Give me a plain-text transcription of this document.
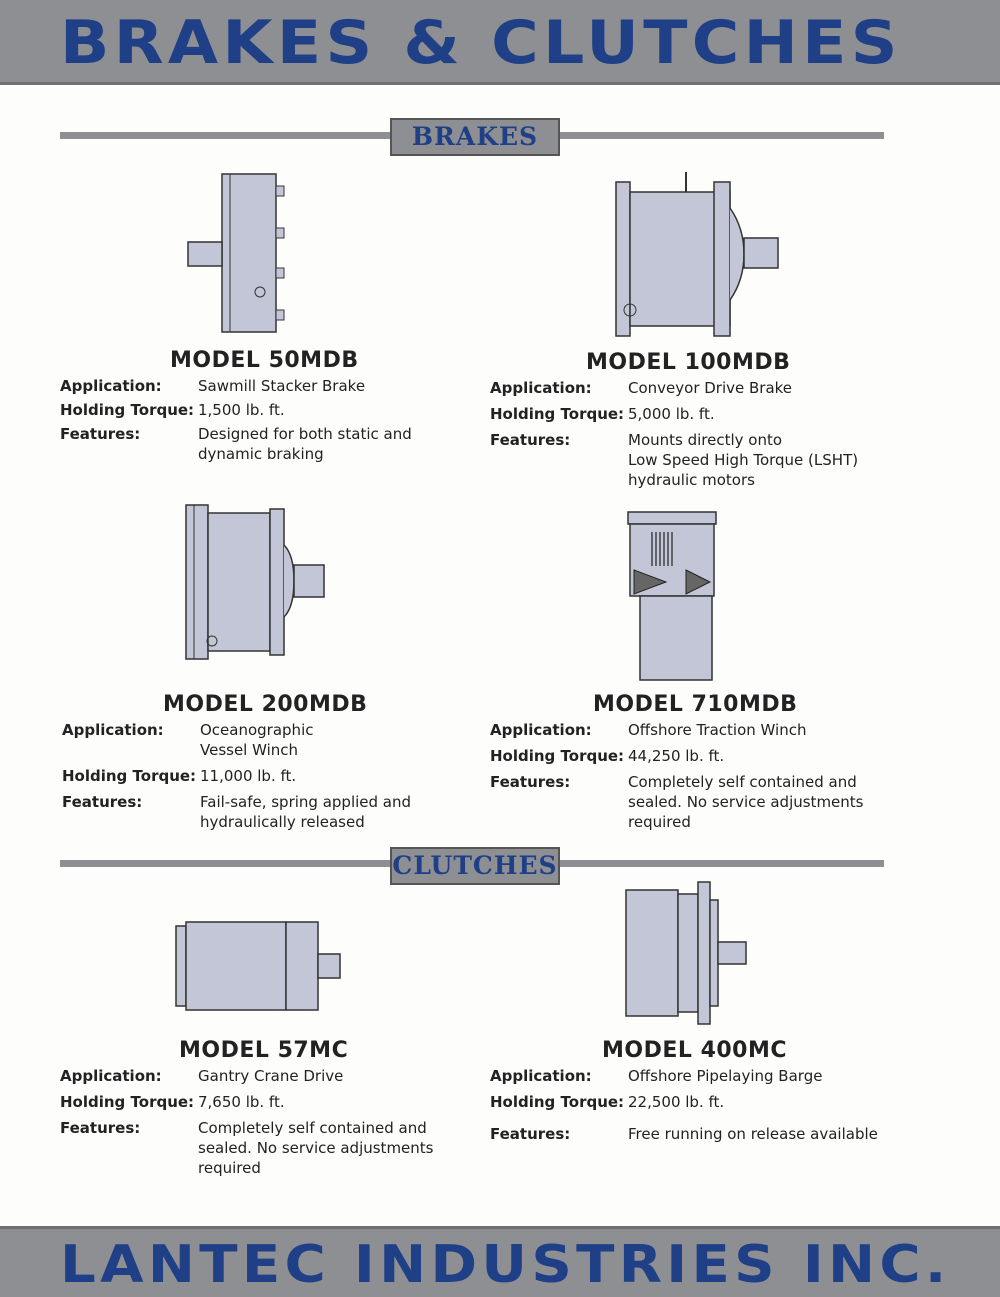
BRAKES & CLUTCHES
BRAKES
MODEL 50MDB
Application: Sawmill Stacker Brake
Holding Torque: 1,500 lb. ft.
Features:	Designed for both static and
dynamic braking
MODEL 100MDB
Application: Conveyor Drive Brake
Holding Torque: 5,000 lb. ft.
Features:	Mounts directly onto
Low Speed High Torque (LSHT)
hydraulic motors
MODEL 200MDB
Application: Oceanographic
Vessel Winch
Holding Torque: 11,000 lb. ft.
Features:	Fail-safe, spring applied and
hydraulically released
MODEL 710MDB
Application: Offshore Traction Winch
Holding Torque: 44,250 lb. ft.
Features:	Completely self contained and
sealed. No service adjustments
required
CLUTCHES
MODEL 57MC
Application: Gantry Crane Drive
Holding Torque: 7,650 lb. ft.
Features:	Completely self contained and
sealed. No service adjustments
required
MODEL 400MC
Application: Offshore Pipelaying Barge
Holding Torque: 22,500 lb. ft.
Features:	Free running on release available
LANTEC INDUSTRIES INC.
